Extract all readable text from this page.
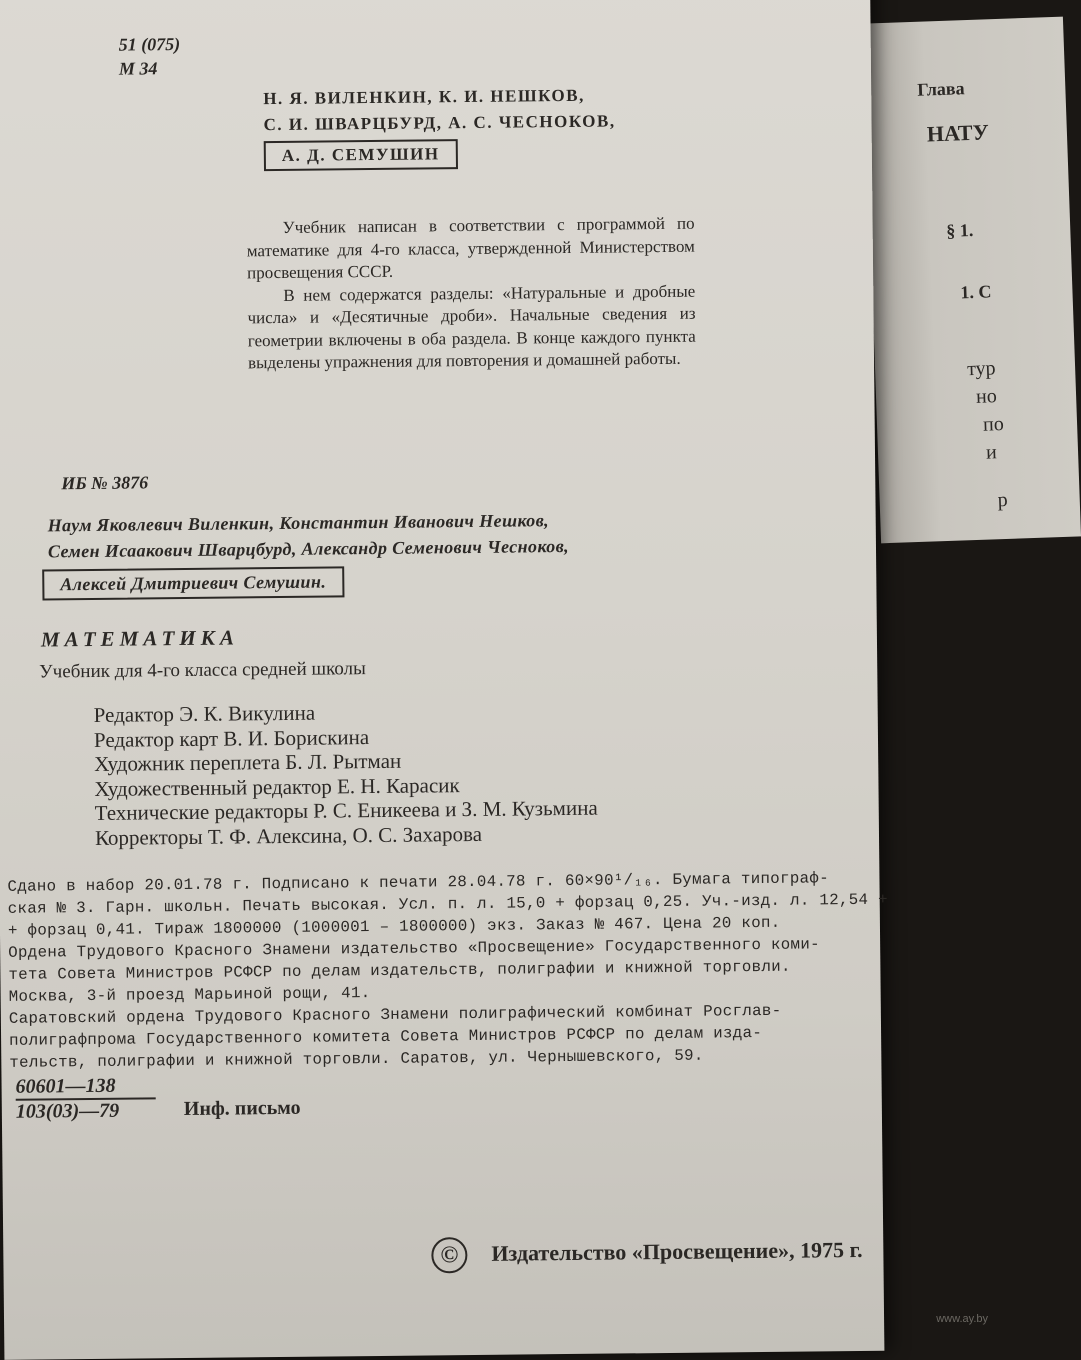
Глава
НАТУ
§ 1.
1. С
тур
но
по
и
р
51 (075)
М 34
Н. Я. ВИЛЕНКИН, К. И. НЕШКОВ,
С. И. ШВАРЦБУРД, А. С. ЧЕСНОКОВ,
А. Д. СЕМУШИН

Учебник написан в соответствии с программой по математике для 4-го класса, утвержденной Министерством просвещения СССР.

В нем содержатся разделы: «Натуральные и дробные числа» и «Десятичные дроби». Начальные сведения из геометрии включены в оба раздела. В конце каждого пункта выделены упражнения для повторения и домашней работы.

ИБ № 3876
Наум Яковлевич Виленкин, Константин Иванович Нешков,
Семен Исаакович Шварцбурд, Александр Семенович Чесноков,
Алексей Дмитриевич Семушин.
МАТЕМАТИКА
Учебник для 4-го класса средней школы
Редактор Э. К. Викулина
Редактор карт В. И. Борискина
Художник переплета Б. Л. Рытман
Художественный редактор Е. Н. Карасик
Технические редакторы Р. С. Еникеева и З. М. Кузьмина
Корректоры Т. Ф. Алексина, О. С. Захарова
Сдано в набор 20.01.78 г. Подписано к печати 28.04.78 г. 60×90¹/₁₆. Бумага типограф-
ская № 3. Гарн. школьн. Печать высокая. Усл. п. л. 15,0 + форзац 0,25. Уч.-изд. л. 12,54 +
+ форзац 0,41. Тираж 1800000 (1000001 – 1800000) экз. Заказ № 467. Цена 20 коп.
Ордена Трудового Красного Знамени издательство «Просвещение» Государственного коми-
тета Совета Министров РСФСР по делам издательств, полиграфии и книжной торговли.
Москва, 3-й проезд Марьиной рощи, 41.
Саратовский ордена Трудового Красного Знамени полиграфический комбинат Росглав-
полиграфпрома Государственного комитета Совета Министров РСФСР по делам изда-
тельств, полиграфии и книжной торговли. Саратов, ул. Чернышевского, 59.
60601—138
103(03)—79	Инф. письмо
©	Издательство «Просвещение», 1975 г.
www.ay.by
